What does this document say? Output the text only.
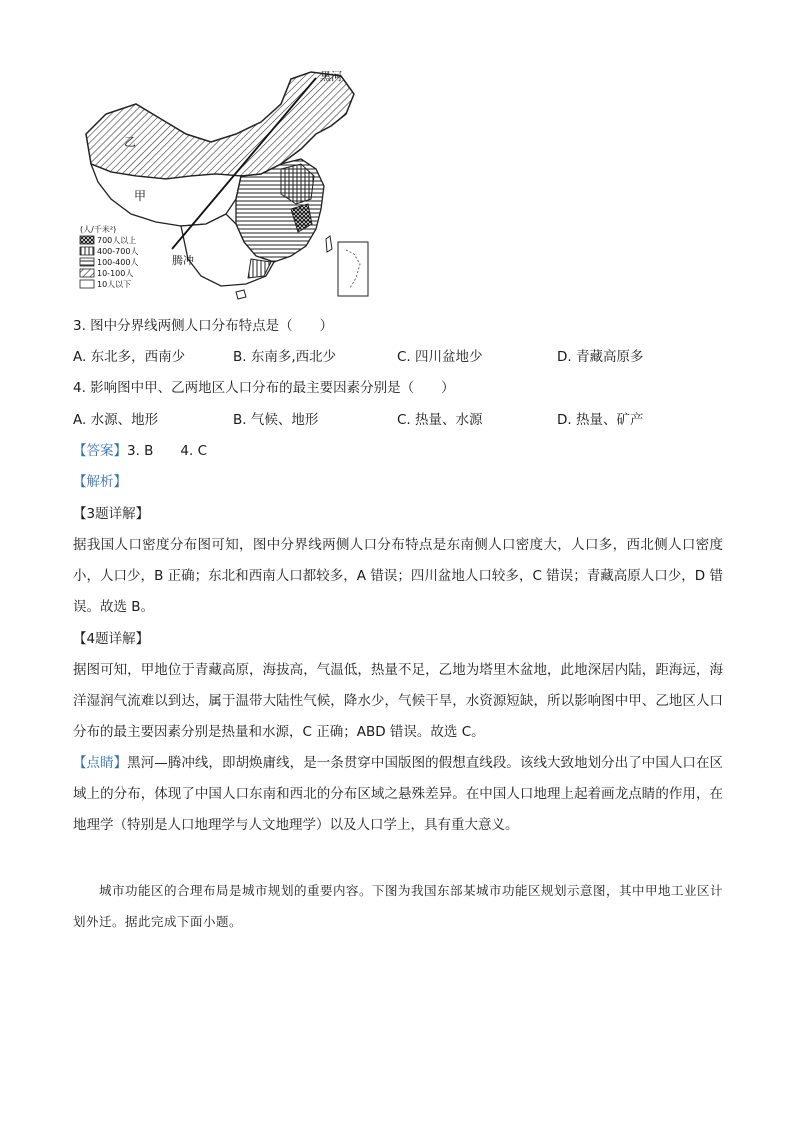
黑河
乙
甲
腾冲
(人/千米²)
700人以上
400-700人
100-400人
10-100人
10人以下
3. 图中分界线两侧人口分布特点是（　　）
A. 东北多，西南少	B. 东南多,西北少	C. 四川盆地少	D. 青藏高原多
4. 影响图中甲、乙两地区人口分布的最主要因素分别是（　　）
A. 水源、地形	B. 气候、地形	C. 热量、水源	D. 热量、矿产
【答案】3. B　　4. C
【解析】
【3题详解】
据我国人口密度分布图可知，图中分界线两侧人口分布特点是东南侧人口密度大，人口多，西北侧人口密度小，人口少，B 正确；东北和西南人口都较多，A 错误；四川盆地人口较多，C 错误；青藏高原人口少，D 错误。故选 B。
【4题详解】
据图可知，甲地位于青藏高原，海拔高，气温低，热量不足，乙地为塔里木盆地，此地深居内陆，距海远，海洋湿润气流难以到达，属于温带大陆性气候，降水少，气候干旱，水资源短缺，所以影响图中甲、乙地区人口分布的最主要因素分别是热量和水源，C 正确；ABD 错误。故选 C。
【点睛】黑河—腾冲线，即胡焕庸线，是一条贯穿中国版图的假想直线段。该线大致地划分出了中国人口在区域上的分布，体现了中国人口东南和西北的分布区域之悬殊差异。在中国人口地理上起着画龙点睛的作用，在地理学（特别是人口地理学与人文地理学）以及人口学上，具有重大意义。
城市功能区的合理布局是城市规划的重要内容。下图为我国东部某城市功能区规划示意图，其中甲地工业区计划外迁。据此完成下面小题。
